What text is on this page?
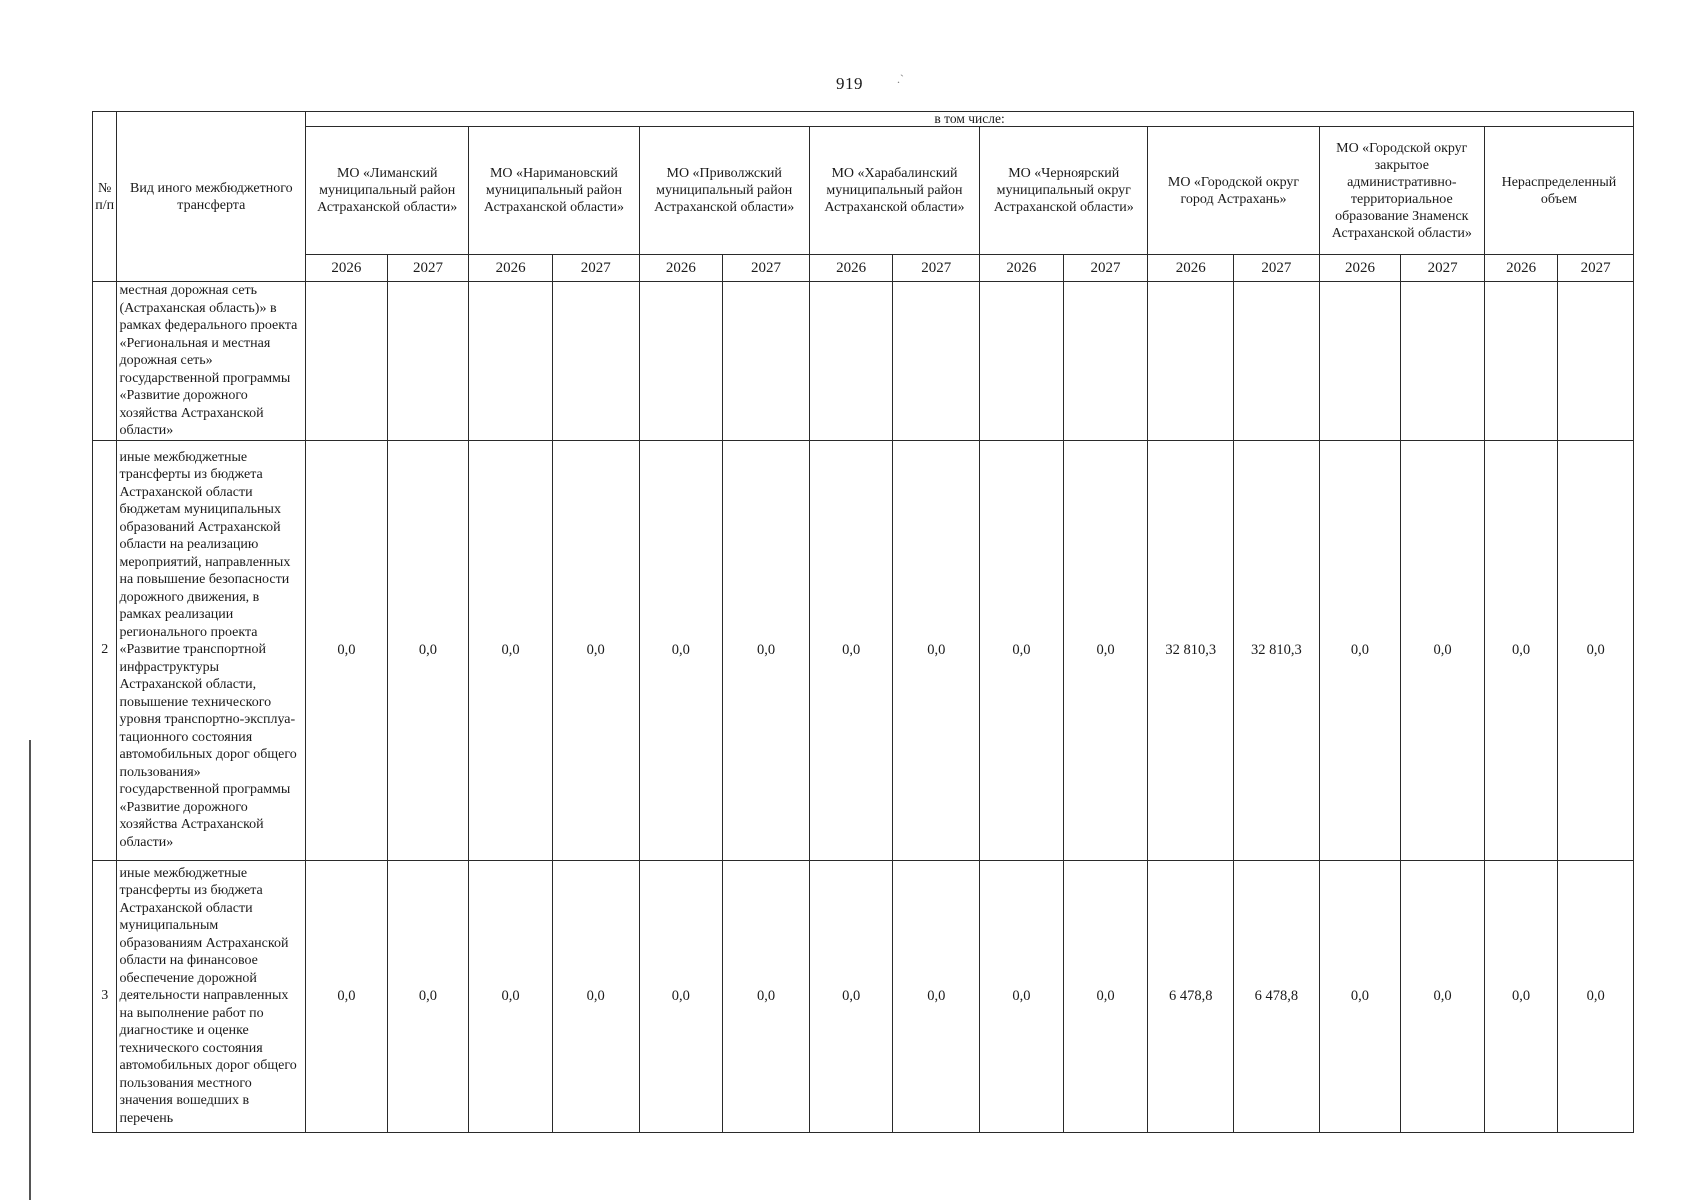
919	.`
№ п/п	Вид иного межбюджетного трансферта	в том числе:															
		МО «Лиманский муниципальный район Астраханской области»		МО «Наримановский муниципальный район Астраханской области»		МО «Приволжский муниципальный район Астраханской области»		МО «Харабалинский муниципальный район Астраханской области»		МО «Черноярский муниципальный округ Астраханской области»		МО «Городской округ город Астрахань»		МО «Городской округ закрытое административно-территориальное образование Знаменск Астраханской области»		Нераспределенный объем	
		2026	2027	2026	2027	2026	2027	2026	2027	2026	2027	2026	2027	2026	2027	2026	2027
	местная дорожная сеть (Астраханская область)» в рамках федерального проекта «Региональная и местная дорожная сеть» государственной программы «Развитие дорожного хозяйства Астраханской области»																
2	иные межбюджетные трансферты из бюджета Астраханской области бюджетам муниципальных образований Астраханской области на реализацию мероприятий, направленных на повышение безопасности дорожного движения, в рамках реализации регионального проекта «Развитие транспортной инфраструктуры Астраханской области, повышение технического уровня транспортно-эксплуа-тационного состояния автомобильных дорог общего пользования» государственной программы «Развитие дорожного хозяйства Астраханской области»	0,0	0,0	0,0	0,0	0,0	0,0	0,0	0,0	0,0	0,0	32 810,3	32 810,3	0,0	0,0	0,0	0,0
3	иные межбюджетные трансферты из бюджета Астраханской области муниципальным образованиям Астраханской области на финансовое обеспечение дорожной деятельности направленных на выполнение работ по диагностике и оценке технического состояния автомобильных дорог общего пользования местного значения вошедших в перечень	0,0	0,0	0,0	0,0	0,0	0,0	0,0	0,0	0,0	0,0	6 478,8	6 478,8	0,0	0,0	0,0	0,0
